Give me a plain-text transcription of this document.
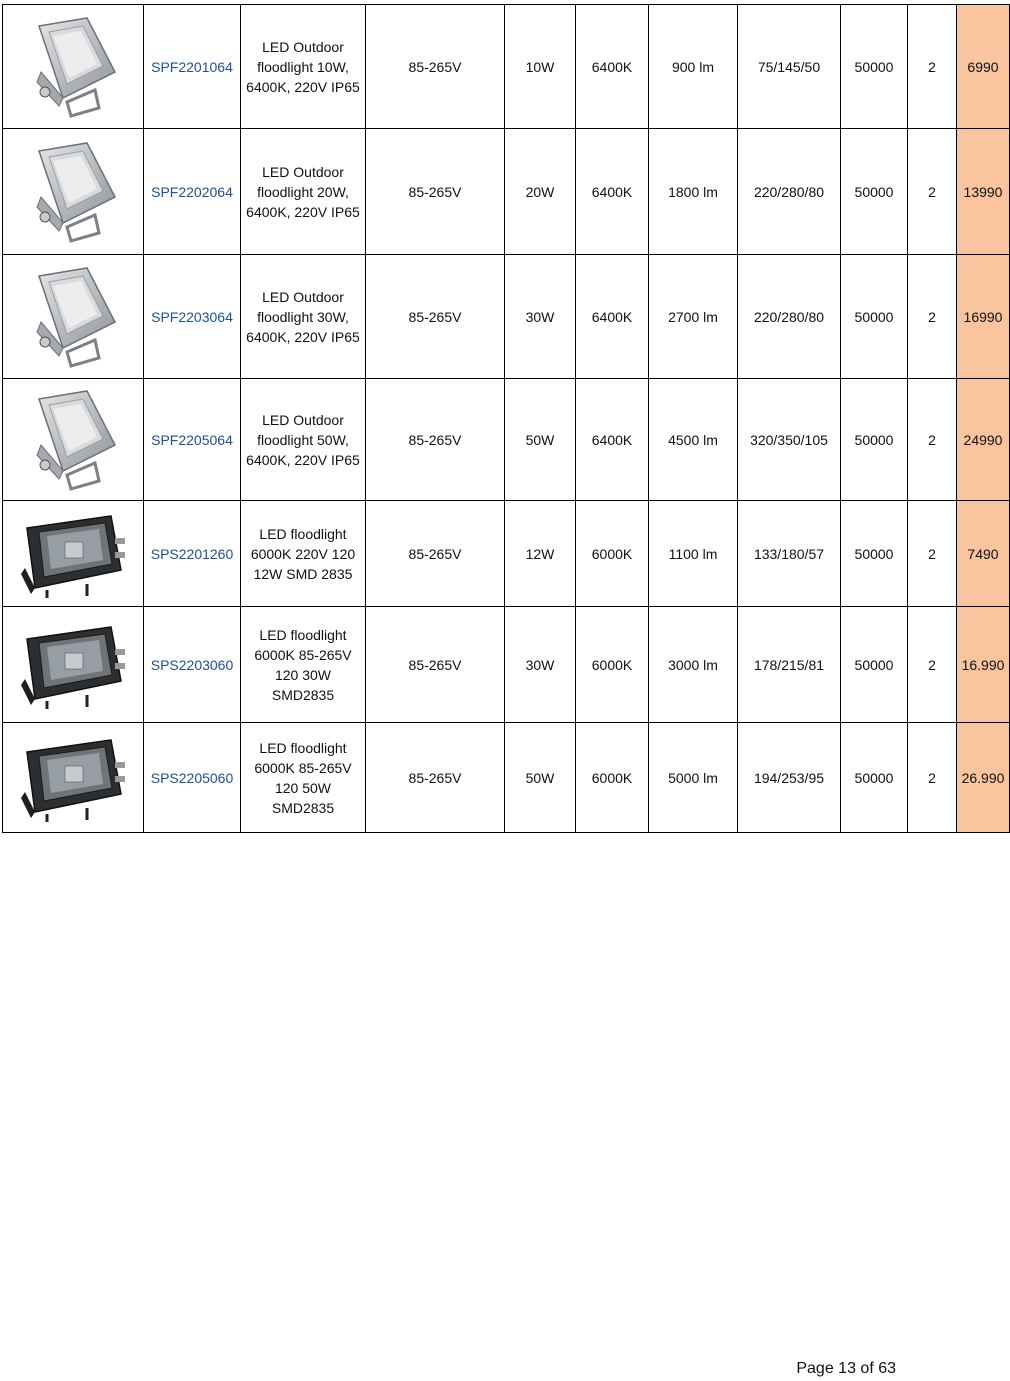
	SPF2201064	LED Outdoor
floodlight 10W,
6400K, 220V IP65	85-265V	10W	6400K	900 lm	75/145/50	50000	2	6990

	SPF2202064	LED Outdoor
floodlight 20W,
6400K, 220V IP65	85-265V	20W	6400K	1800 lm	220/280/80	50000	2	13990

	SPF2203064	LED Outdoor
floodlight 30W,
6400K, 220V IP65	85-265V	30W	6400K	2700 lm	220/280/80	50000	2	16990

	SPF2205064	LED Outdoor
floodlight 50W,
6400K, 220V IP65	85-265V	50W	6400K	4500 lm	320/350/105	50000	2	24990

	SPS2201260	LED floodlight
6000K 220V 120
12W SMD 2835	85-265V	12W	6000K	1100 lm	133/180/57	50000	2	7490

	SPS2203060	LED floodlight
6000K 85-265V
120 30W SMD2835	85-265V	30W	6000K	3000 lm	178/215/81	50000	2	16.990

	SPS2205060	LED floodlight
6000K 85-265V
120 50W SMD2835	85-265V	50W	6000K	5000 lm	194/253/95	50000	2	26.990
Page 13 of 63
